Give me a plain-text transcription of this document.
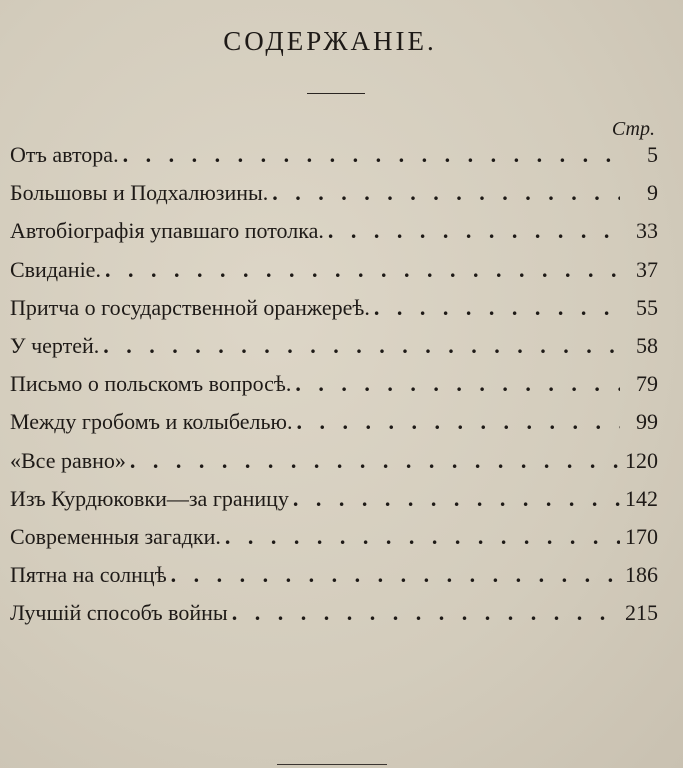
СОДЕРЖАНІЕ.
Стр.
Отъ автора. . . .	5
Большовы и Подхалюзины. . . .	9
Автобіографія упавшаго потолка. . . .	33
Свиданіе. . . .	37
Притча о государственной оранжереѣ. . . .	55
У чертей. . . .	58
Письмо о польскомъ вопросѣ. . . .	79
Между гробомъ и колыбелью. . . .	99
«Все равно» . . .	120
Изъ Курдюковки—за границу . . .	142
Современныя загадки. . . .	170
Пятна на солнцѣ . . .	186
Лучшій способъ войны . . .	215
